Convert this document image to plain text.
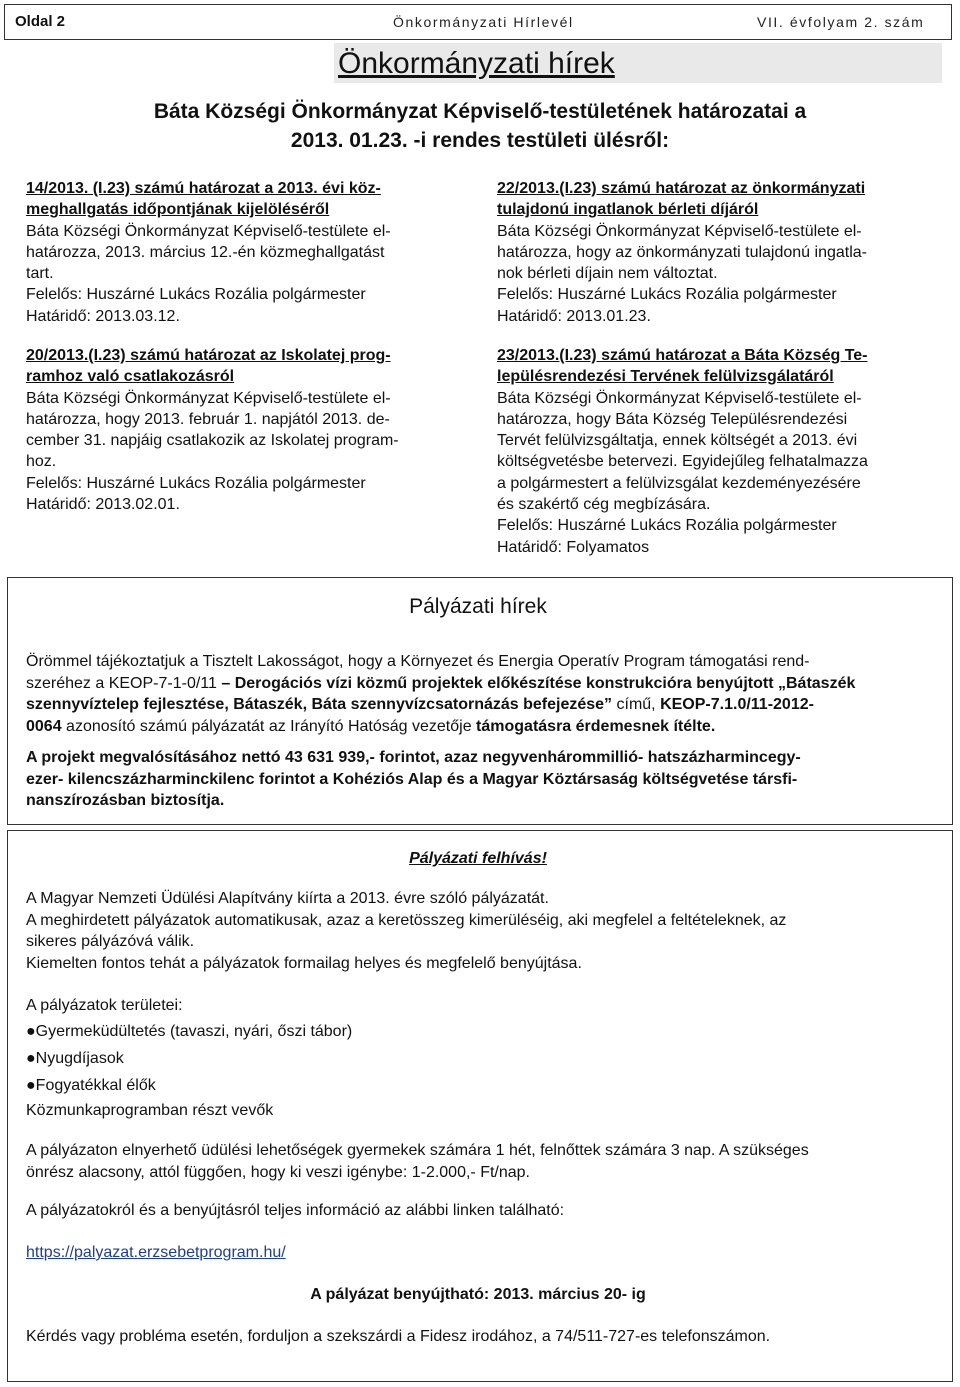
Oldal 2	Önkormányzati Hírlevél	VII. évfolyam 2. szám
Önkormányzati hírek
Báta Községi Önkormányzat Képviselő-testületének határozatai a
2013. 01.23. -i rendes testületi ülésről:
14/2013. (I.23) számú határozat a 2013. évi köz-
meghallgatás időpontjának kijelöléséről
Báta Községi Önkormányzat Képviselő-testülete el-
határozza, 2013. március 12.-én közmeghallgatást
tart.
Felelős: Huszárné Lukács Rozália polgármester
Határidő: 2013.03.12.
20/2013.(I.23) számú határozat az Iskolatej prog-
ramhoz való csatlakozásról
Báta Községi Önkormányzat Képviselő-testülete el-
határozza, hogy 2013. február 1. napjától 2013. de-
cember 31. napjáig csatlakozik az Iskolatej program-
hoz.
Felelős: Huszárné Lukács Rozália polgármester
Határidő: 2013.02.01.
22/2013.(I.23) számú határozat az önkormányzati
tulajdonú ingatlanok bérleti díjáról
Báta Községi Önkormányzat Képviselő-testülete el-
határozza, hogy az önkormányzati tulajdonú ingatla-
nok bérleti díjain nem változtat.
Felelős: Huszárné Lukács Rozália polgármester
Határidő: 2013.01.23.
23/2013.(I.23) számú határozat a Báta Község Te-
lepülésrendezési Tervének felülvizsgálatáról
Báta Községi Önkormányzat Képviselő-testülete el-
határozza, hogy Báta Község Településrendezési
Tervét felülvizsgáltatja, ennek költségét a 2013. évi
költségvetésbe betervezi. Egyidejűleg felhatalmazza
a polgármestert a felülvizsgálat kezdeményezésére
és szakértő cég megbízására.
Felelős: Huszárné Lukács Rozália polgármester
Határidő: Folyamatos
Pályázati hírek
Örömmel tájékoztatjuk a Tisztelt Lakosságot, hogy a Környezet és Energia Operatív Program támogatási rend-
szeréhez a KEOP-7-1-0/11 – Derogációs vízi közmű projektek előkészítése konstrukcióra benyújtott „Bátaszék
szennyvíztelep fejlesztése, Bátaszék, Báta szennyvízcsatornázás befejezése” című, KEOP-7.1.0/11-2012-
0064 azonosító számú pályázatát az Irányító Hatóság vezetője támogatásra érdemesnek ítélte.
A projekt megvalósításához nettó 43 631 939,- forintot, azaz negyvenhárommillió- hatszázharmincegy-
ezer- kilencszázharminckilenc forintot a Kohéziós Alap és a Magyar Köztársaság költségvetése társfi-
nanszírozásban biztosítja.
Pályázati felhívás!
A Magyar Nemzeti Üdülési Alapítvány kiírta a 2013. évre szóló pályázatát.
A meghirdetett pályázatok automatikusak, azaz a keretösszeg kimerüléséig, aki megfelel a feltételeknek, az
sikeres pályázóvá válik.
Kiemelten fontos tehát a pályázatok formailag helyes és megfelelő benyújtása.
A pályázatok területei:
●Gyermeküdültetés (tavaszi, nyári, őszi tábor)
●Nyugdíjasok
●Fogyatékkal élők
Közmunkaprogramban részt vevők
A pályázaton elnyerhető üdülési lehetőségek gyermekek számára 1 hét, felnőttek számára 3 nap. A szükséges
önrész alacsony, attól függően, hogy ki veszi igénybe: 1-2.000,- Ft/nap.
A pályázatokról és a benyújtásról teljes információ az alábbi linken található:
https://palyazat.erzsebetprogram.hu/
A pályázat benyújtható: 2013. március 20- ig
Kérdés vagy probléma esetén, forduljon a szekszárdi a Fidesz irodához, a 74/511-727-es telefonszámon.
